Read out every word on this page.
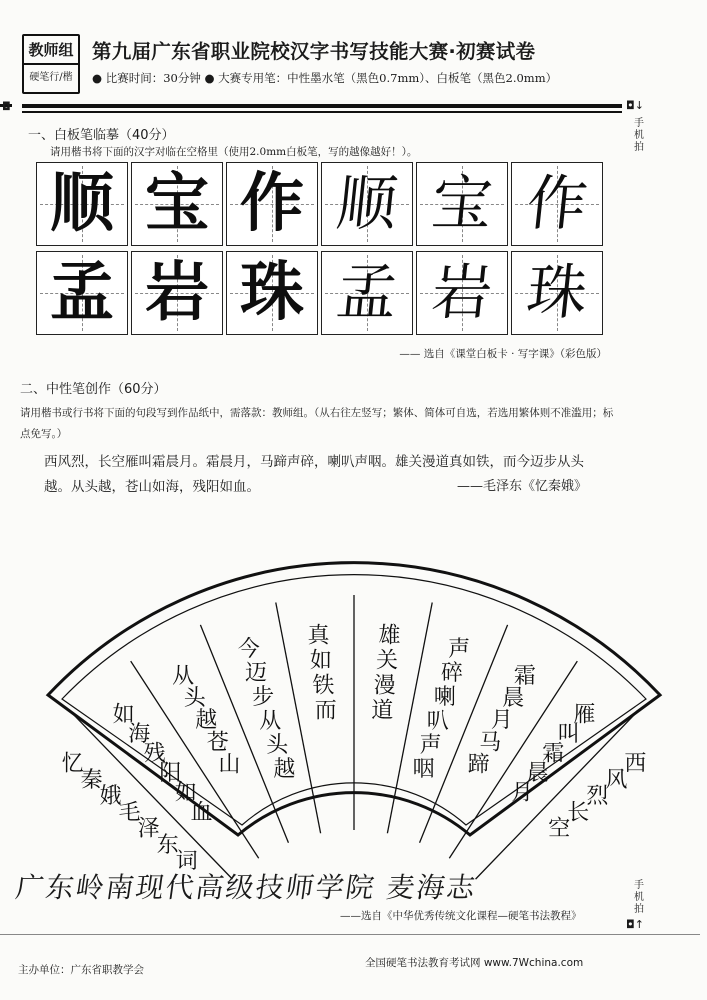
教师组
硬笔行/楷
第九届广东省职业院校汉字书写技能大赛·初赛试卷
● 比赛时间：30分钟 ● 大赛专用笔：中性墨水笔（黑色0.7mm）、白板笔（黑色2.0mm）
◘	◘↓
手
机
拍
一、白板笔临摹（40分）
请用楷书将下面的汉字对临在空格里（使用2.0mm白板笔，写的越像越好！）。
顺 宝 作 顺 宝 作
孟 岩 珠 孟 岩 珠
—— 选自《课堂白板卡 · 写字课》（彩色版）
二、中性笔创作（60分）
请用楷书或行书将下面的句段写到作品纸中，需落款：教师组。（从右往左竖写；繁体、简体可自选，若选用繁体则不准滥用；标点免写。）
西风烈，长空雁叫霜晨月。霜晨月，马蹄声碎，喇叭声咽。雄关漫道真如铁，而今迈步从头越。从头越，苍山如海，残阳如血。	——毛泽东《忆秦娥》
西
风
烈
长
空
雁
叫
霜
晨
月
霜
晨
月
马
蹄
声
碎
喇
叭
声
咽
雄
关
漫
道
真
如
铁
而
今
迈
步
从
头
越
从
头
越
苍
山
如
海
残
阳
如
血
忆
秦
娥
毛
泽
东
词
广东岭南现代高级技师学院 麦海志
——选自《中华优秀传统文化课程—硬笔书法教程》
手
机
拍
◘↑
主办单位：广东省职教学会
全国硬笔书法教育考试网 www.7Wchina.com
